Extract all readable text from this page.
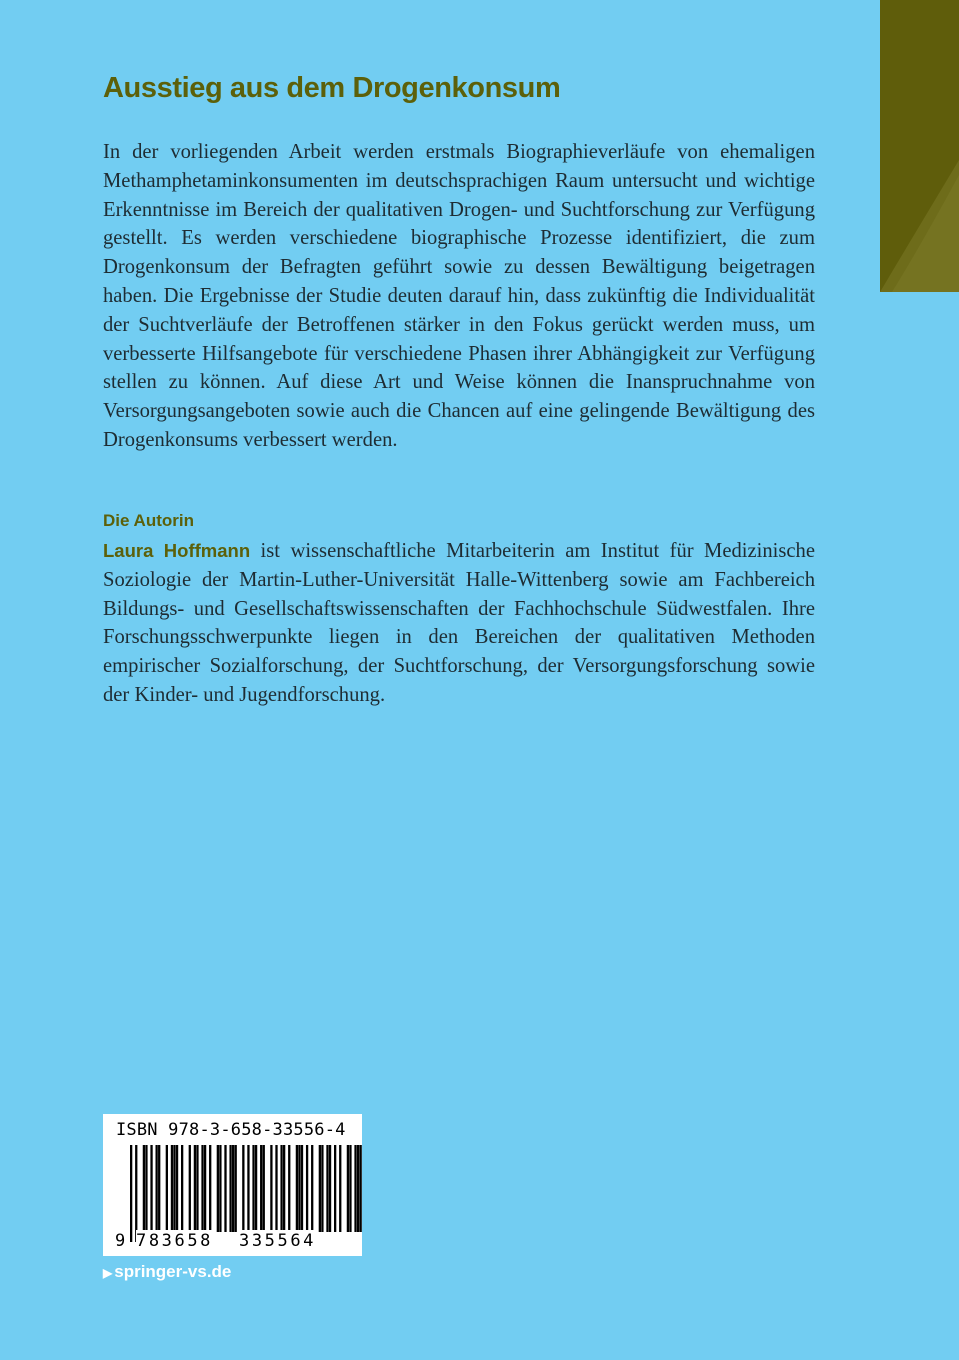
Ausstieg aus dem Drogenkonsum

In der vorliegenden Arbeit werden erstmals Biographieverläufe von ehemaligen Methamphetaminkonsumenten im deutschsprachigen Raum untersucht und wichtige Erkenntnisse im Bereich der qualitativen Drogen- und Suchtforschung zur Verfügung gestellt. Es werden verschiedene biographische Prozesse identifiziert, die zum Drogenkonsum der Befragten geführt sowie zu dessen Bewältigung beigetragen haben. Die Ergebnisse der Studie deuten darauf hin, dass zukünftig die Individualität der Suchtverläufe der Betroffenen stärker in den Fokus gerückt werden muss, um verbesserte Hilfsangebote für verschiedene Phasen ihrer Abhängigkeit zur Verfügung stellen zu können. Auf diese Art und Weise können die Inanspruchnahme von Versorgungsangeboten sowie auch die Chancen auf eine gelingende Bewältigung des Drogenkonsums verbessert werden.

Die Autorin

Laura Hoffmann ist wissenschaftliche Mitarbeiterin am Institut für Medizinische Soziologie der Martin-Luther-Universität Halle-Wittenberg sowie am Fachbereich Bildungs- und Gesellschaftswissenschaften der Fachhochschule Südwestfalen. Ihre Forschungsschwerpunkte liegen in den Bereichen der qualitativen Methoden empirischer Sozialforschung, der Suchtforschung, der Versorgungsforschung sowie der Kinder- und Jugendforschung.

ISBN 978-3-658-33556-4
9 783658 335564
▶ springer-vs.de
